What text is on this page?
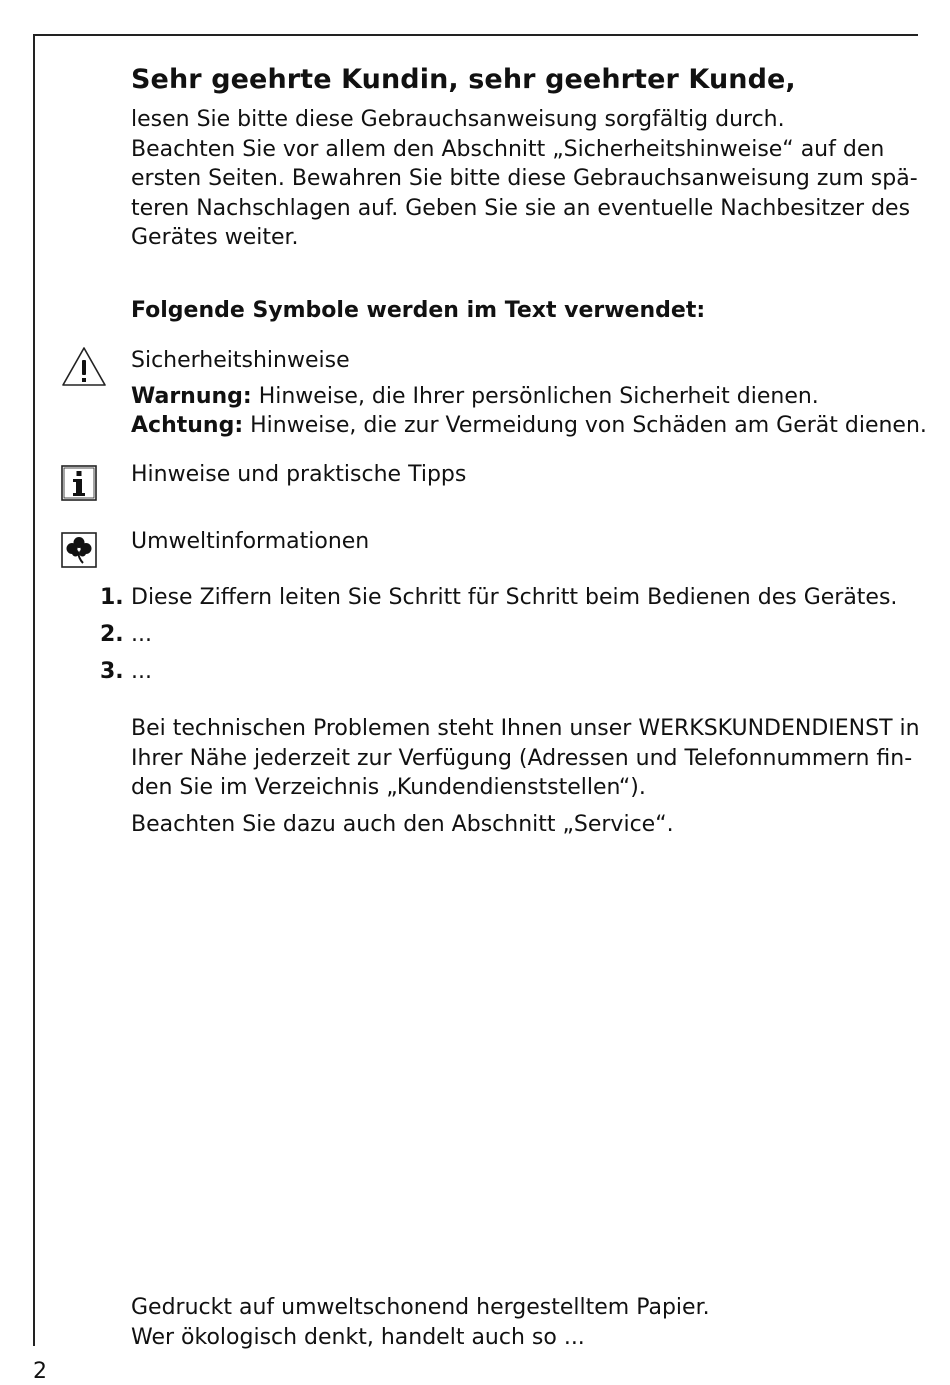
Sehr geehrte Kundin, sehr geehrter Kunde,

lesen Sie bitte diese Gebrauchsanweisung sorgfältig durch.

Beachten Sie vor allem den Abschnitt „Sicherheitshinweise“ auf den

ersten Seiten. Bewahren Sie bitte diese Gebrauchsanweisung zum spä-

teren Nachschlagen auf. Geben Sie sie an eventuelle Nachbesitzer des

Gerätes weiter.

Folgende Symbole werden im Text verwendet:
Sicherheitshinweise
Warnung: Hinweise, die Ihrer persönlichen Sicherheit dienen.
Achtung: Hinweise, die zur Vermeidung von Schäden am Gerät dienen.
Hinweise und praktische Tipps
Umweltinformationen
1. Diese Ziffern leiten Sie Schritt für Schritt beim Bedienen des Gerätes.
2. ...
3. ...

Bei technischen Problemen steht Ihnen unser WERKSKUNDENDIENST in

Ihrer Nähe jederzeit zur Verfügung (Adressen und Telefonnummern fin-

den Sie im Verzeichnis „Kundendienststellen“).

Beachten Sie dazu auch den Abschnitt „Service“.

Gedruckt auf umweltschonend hergestelltem Papier.

Wer ökologisch denkt, handelt auch so ...

2
